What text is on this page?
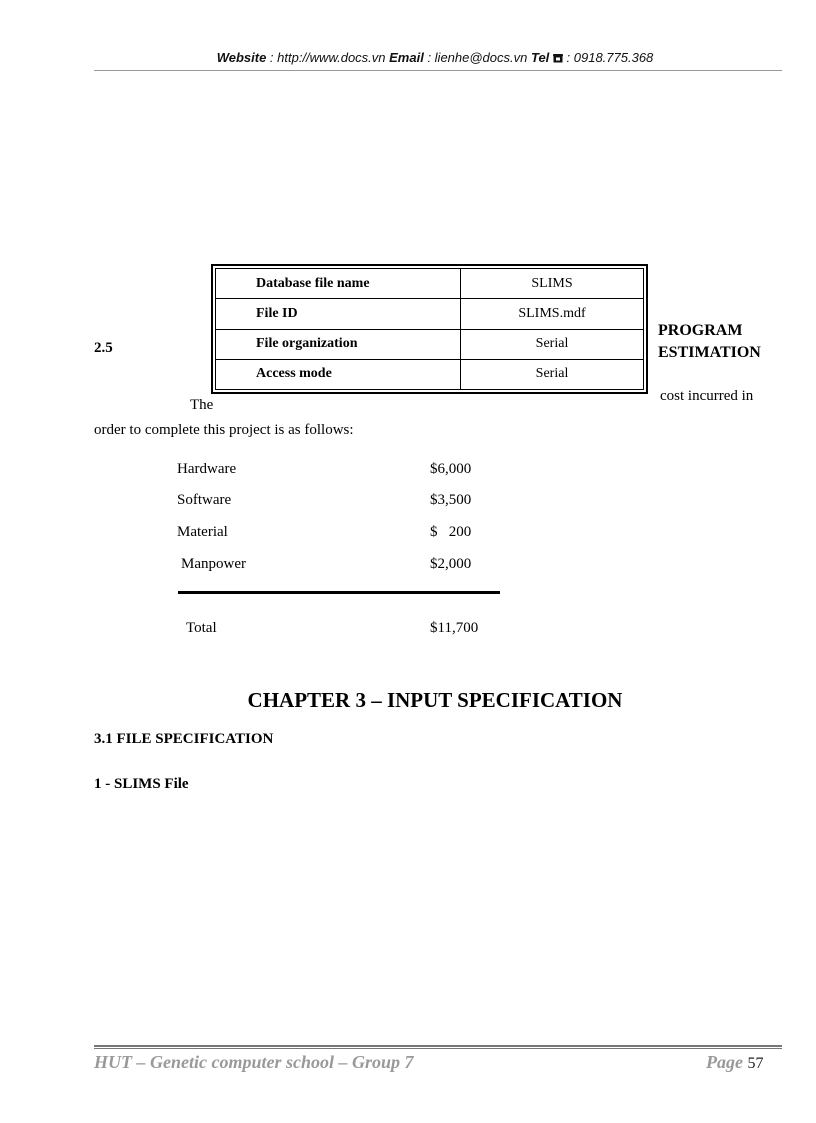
Website : http://www.docs.vn Email : lienhe@docs.vn Tel  : 0918.775.368
Database file name	SLIMS
File ID	SLIMS.mdf
File organization	Serial
Access mode	Serial
2.5
PROGRAM
ESTIMATION
The
cost incurred in
order to complete this project is as follows:
Hardware	$6,000
Software	$3,500
Material	$   200
Manpower	$2,000
Total	$11,700
CHAPTER 3 – INPUT SPECIFICATION
3.1 FILE SPECIFICATION
1 - SLIMS File
HUT – Genetic computer school – Group 7	Page 57
